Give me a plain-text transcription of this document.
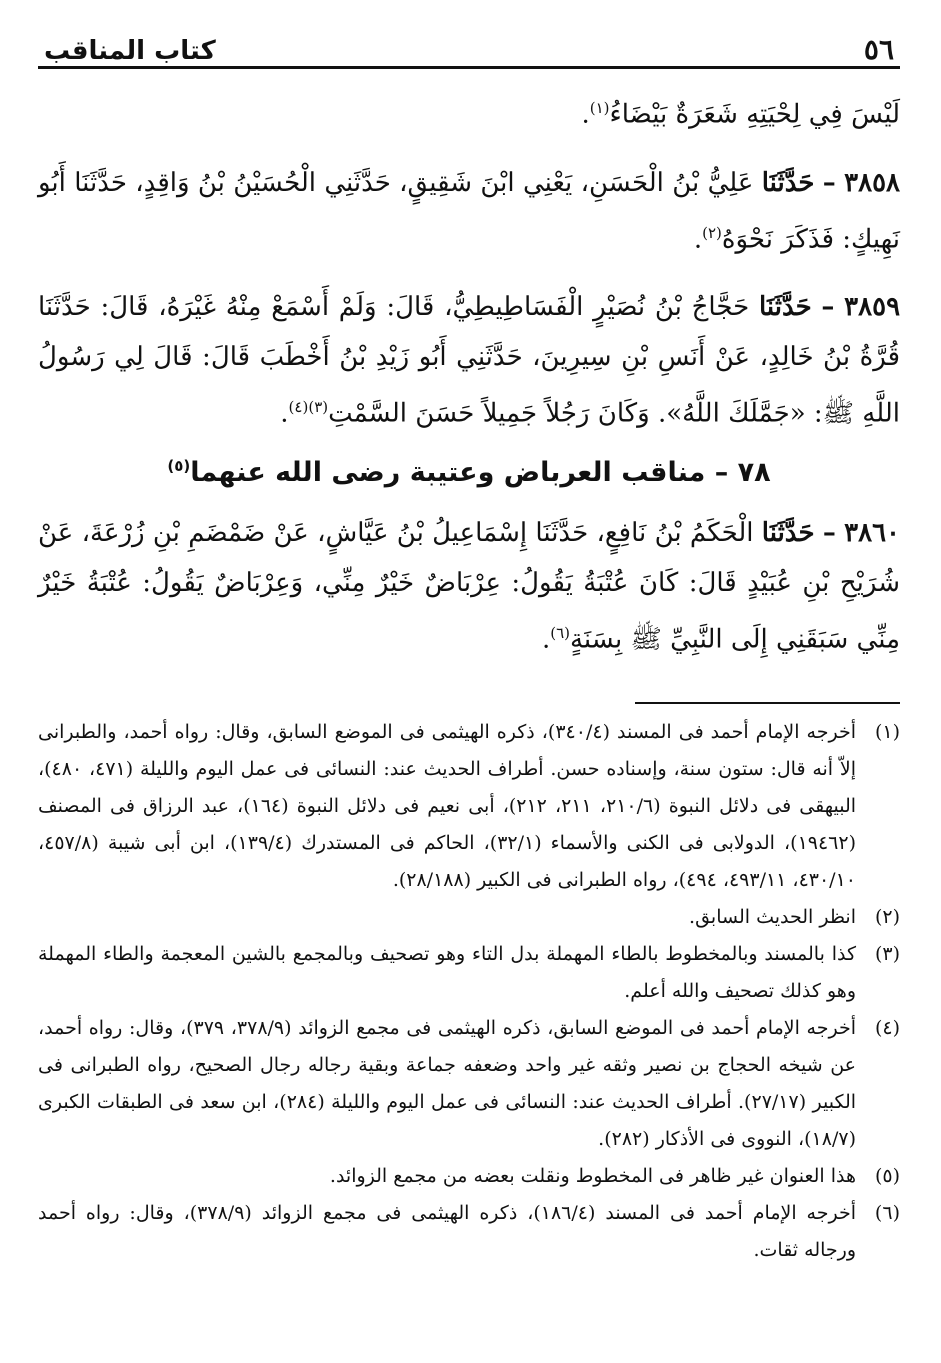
٥٦
كتاب المناقب

لَيْسَ فِي لِحْيَتِهِ شَعَرَةٌ بَيْضَاءُ$^{(١)}$.

٣٨٥٨ – حَدَّثَنَا عَلِيُّ بْنُ الْحَسَنِ، يَعْنِي ابْنَ شَقِيقٍ، حَدَّثَنِي الْحُسَيْنُ بْنُ وَاقِدٍ، حَدَّثَنَا أَبُو نَهِيكٍ: فَذَكَرَ نَحْوَهُ$^{(٢)}$.

٣٨٥٩ – حَدَّثَنَا حَجَّاجُ بْنُ نُصَيْرٍ الْفَسَاطِيطِيُّ، قَالَ: وَلَمْ أَسْمَعْ مِنْهُ غَيْرَهُ، قَالَ: حَدَّثَنَا قُرَّةُ بْنُ خَالِدٍ، عَنْ أَنَسِ بْنِ سِيرِينَ، حَدَّثَنِي أَبُو زَيْدِ بْنُ أَخْطَبَ قَالَ: قَالَ لِي رَسُولُ اللَّهِ ﷺ: «جَمَّلَكَ اللَّهُ». وَكَانَ رَجُلاً جَمِيلاً حَسَنَ السَّمْتِ$^{(٣)(٤)}$.

٧٨ – مناقب العرباض وعتيبة رضى الله عنهما$^{(٥)}$

٣٨٦٠ – حَدَّثَنَا الْحَكَمُ بْنُ نَافِعٍ، حَدَّثَنَا إِسْمَاعِيلُ بْنُ عَيَّاشٍ، عَنْ ضَمْضَمِ بْنِ زُرْعَةَ، عَنْ شُرَيْحِ بْنِ عُبَيْدٍ قَالَ: كَانَ عُتْبَةُ يَقُولُ: عِرْبَاضٌ خَيْرٌ مِنِّي، وَعِرْبَاضٌ يَقُولُ: عُتْبَةُ خَيْرٌ مِنِّي سَبَقَنِي إِلَى النَّبِيِّ ﷺ بِسَنَةٍ$^{(٦)}$.

(١)أخرجه الإمام أحمد فى المسند (٣٤٠/٤)، ذكره الهيثمى فى الموضع السابق، وقال: رواه أحمد، والطبرانى إلاّ أنه قال: ستون سنة، وإسناده حسن. أطراف الحديث عند: النسائى فى عمل اليوم والليلة (٤٧١، ٤٨٠)، البيهقى فى دلائل النبوة (٢١٠/٦، ٢١١، ٢١٢)، أبى نعيم فى دلائل النبوة (١٦٤)، عبد الرزاق فى المصنف (١٩٤٦٢)، الدولابى فى الكنى والأسماء (٣٢/١)، الحاكم فى المستدرك (١٣٩/٤)، ابن أبى شيبة (٤٥٧/٨، ٤٣٠/١٠، ٤٩٣/١١، ٤٩٤)، رواه الطبرانى فى الكبير (٢٨/١٨٨).

(٢)انظر الحديث السابق.

(٣)كذا بالمسند وبالمخطوط بالطاء المهملة بدل التاء وهو تصحيف وبالمجمع بالشين المعجمة والطاء المهملة وهو كذلك تصحيف والله أعلم.

(٤)أخرجه الإمام أحمد فى الموضع السابق، ذكره الهيثمى فى مجمع الزوائد (٣٧٨/٩، ٣٧٩)، وقال: رواه أحمد، عن شيخه الحجاج بن نصير وثقه غير واحد وضعفه جماعة وبقية رجاله رجال الصحيح، رواه الطبرانى فى الكبير (٢٧/١٧). أطراف الحديث عند: النسائى فى عمل اليوم والليلة (٢٨٤)، ابن سعد فى الطبقات الكبرى (١٨/٧)، النووى فى الأذكار (٢٨٢).

(٥)هذا العنوان غير ظاهر فى المخطوط ونقلت بعضه من مجمع الزوائد.

(٦)أخرجه الإمام أحمد فى المسند (١٨٦/٤)، ذكره الهيثمى فى مجمع الزوائد (٣٧٨/٩)، وقال: رواه أحمد ورجاله ثقات.
